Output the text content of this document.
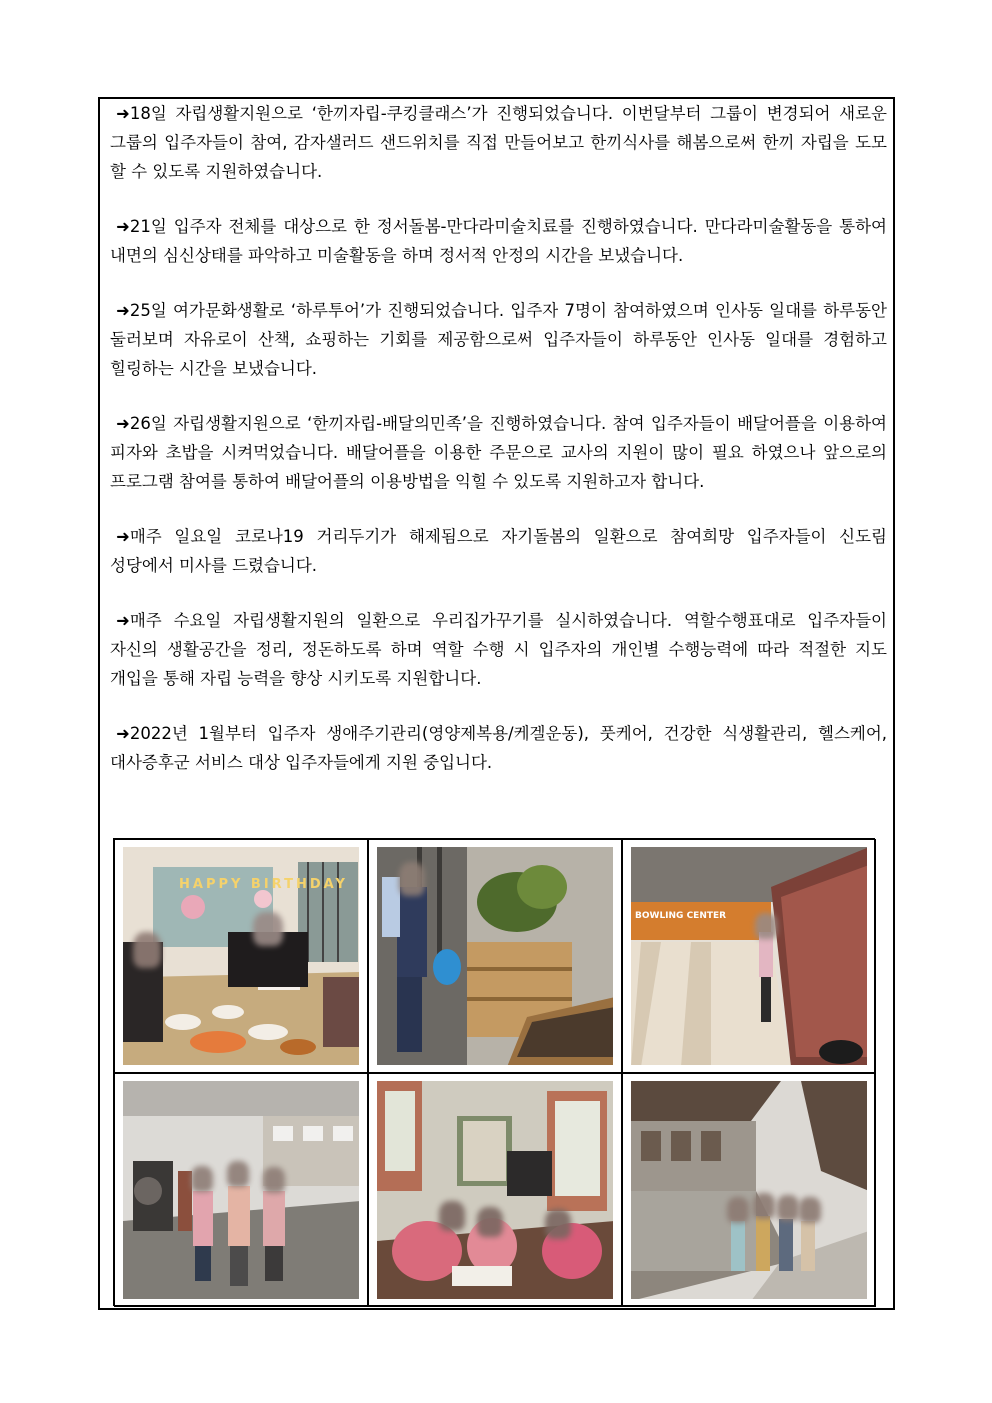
➜18일 자립생활지원으로 ‘한끼자립-쿠킹클래스’가 진행되었습니다. 이번달부터 그룹이 변경되어 새로운 그룹의 입주자들이 참여, 감자샐러드 샌드위치를 직접 만들어보고 한끼식사를 해봄으로써 한끼 자립을 도모 할 수 있도록 지원하였습니다.

➜21일 입주자 전체를 대상으로 한 정서돌봄-만다라미술치료를 진행하였습니다. 만다라미술활동을 통하여 내면의 심신상태를 파악하고 미술활동을 하며 정서적 안정의 시간을 보냈습니다.

➜25일 여가문화생활로 ‘하루투어’가 진행되었습니다. 입주자 7명이 참여하였으며 인사동 일대를 하루동안 둘러보며 자유로이 산책, 쇼핑하는 기회를 제공함으로써 입주자들이 하루동안 인사동 일대를 경험하고 힐링하는 시간을 보냈습니다.

➜26일 자립생활지원으로 ‘한끼자립-배달의민족’을 진행하였습니다. 참여 입주자들이 배달어플을 이용하여 피자와 초밥을 시켜먹었습니다. 배달어플을 이용한 주문으로 교사의 지원이 많이 필요 하였으나 앞으로의 프로그램 참여를 통하여 배달어플의 이용방법을 익힐 수 있도록 지원하고자 합니다.

➜매주 일요일 코로나19 거리두기가 해제됨으로 자기돌봄의 일환으로 참여희망 입주자들이 신도림 성당에서 미사를 드렸습니다.

➜매주 수요일 자립생활지원의 일환으로 우리집가꾸기를 실시하였습니다. 역할수행표대로 입주자들이 자신의 생활공간을 정리, 정돈하도록 하며 역할 수행 시 입주자의 개인별 수행능력에 따라 적절한 지도 개입을 통해 자립 능력을 향상 시키도록 지원합니다.

➜2022년 1월부터 입주자 생애주기관리(영양제복용/케겔운동), 풋케어, 건강한 식생활관리, 헬스케어, 대사증후군 서비스 대상 입주자들에게 지원 중입니다.

HAPPY BIRTHDAY
BOWLING CENTER
